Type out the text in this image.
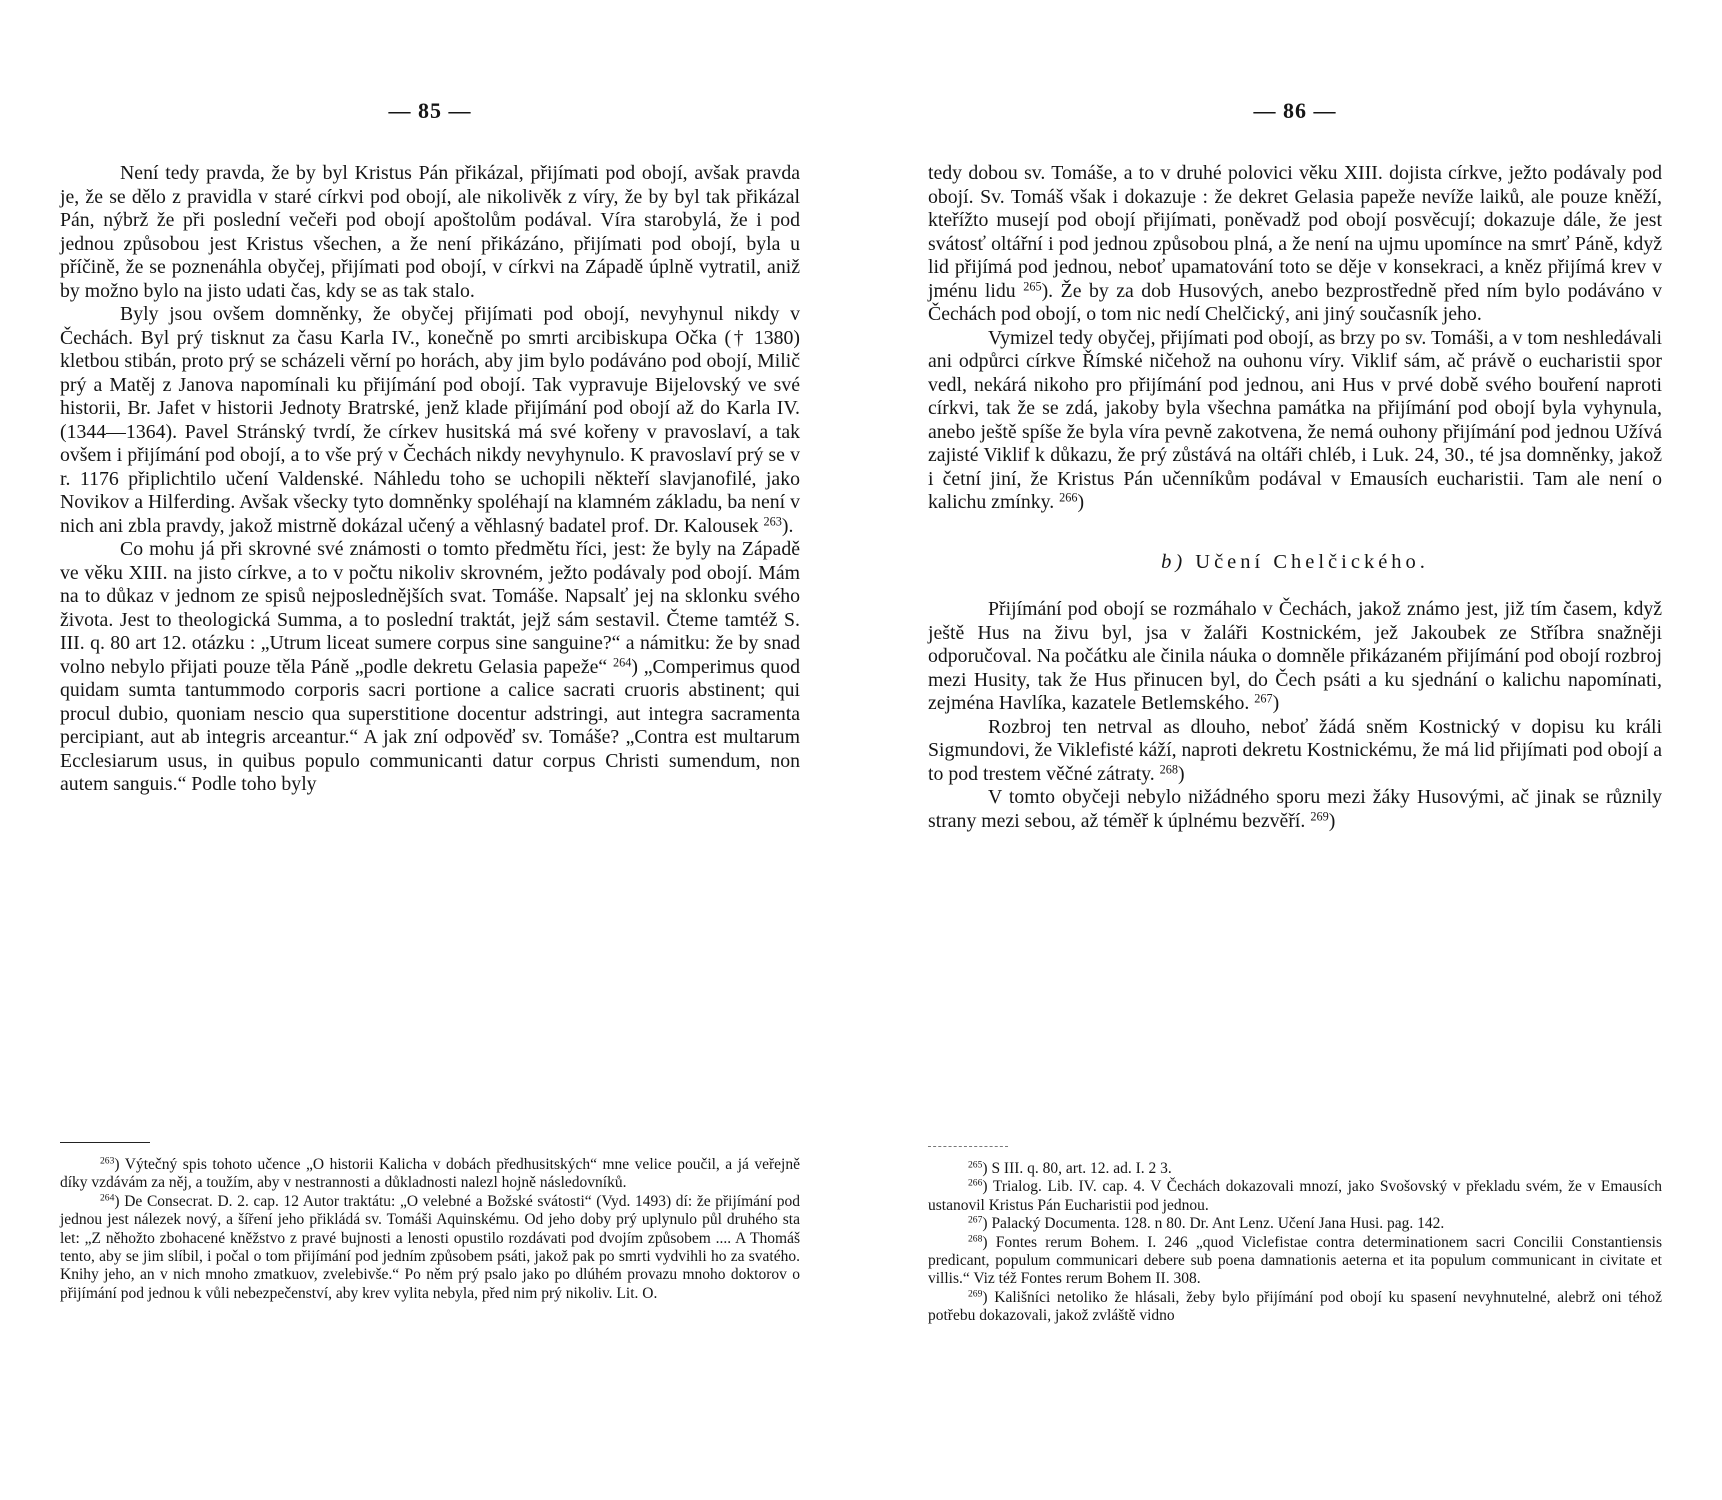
— 85 —

Není tedy pravda, že by byl Kristus Pán přikázal, přijímati pod obojí, avšak pravda je, že se dělo z pravidla v staré církvi pod obojí, ale nikolivěk z víry, že by byl tak přikázal Pán, nýbrž že při poslední večeři pod obojí apoštolům podával. Víra starobylá, že i pod jednou způsobou jest Kristus všechen, a že není přikázáno, přijímati pod obojí, byla u příčině, že se poznenáhla obyčej, přijímati pod obojí, v církvi na Západě úplně vytratil, aniž by možno bylo na jisto udati čas, kdy se as tak stalo.

Byly jsou ovšem domněnky, že obyčej přijímati pod obojí, nevyhynul nikdy v Čechách. Byl prý tisknut za času Karla IV., konečně po smrti arcibiskupa Očka († 1380) kletbou stibán, proto prý se scházeli věrní po horách, aby jim bylo podáváno pod obojí, Milič prý a Matěj z Janova napomínali ku přijímání pod obojí. Tak vypravuje Bijelovský ve své historii, Br. Jafet v historii Jednoty Bratrské, jenž klade přijímání pod obojí až do Karla IV. (1344—1364). Pavel Stránský tvrdí, že církev husitská má své kořeny v pravoslaví, a tak ovšem i přijímání pod obojí, a to vše prý v Čechách nikdy nevyhynulo. K pravoslaví prý se v r. 1176 připlichtilo učení Valdenské. Náhledu toho se uchopili někteří slavjanofilé, jako Novikov a Hilferding. Avšak všecky tyto domněnky spoléhají na klamném základu, ba není v nich ani zbla pravdy, jakož mistrně dokázal učený a věhlasný badatel prof. Dr. Kalousek $^{263}$).

Co mohu já při skrovné své známosti o tomto předmětu říci, jest: že byly na Západě ve věku XIII. na jisto církve, a to v počtu nikoliv skrovném, ježto podávaly pod obojí. Mám na to důkaz v jednom ze spisů nejposlednějších svat. Tomáše. Napsalť jej na sklonku svého života. Jest to theologická Summa, a to poslední traktát, jejž sám sestavil. Čteme tamtéž S. III. q. 80 art 12. otázku : „Utrum liceat sumere corpus sine sanguine?“ a námitku: že by snad volno nebylo přijati pouze těla Páně „podle dekretu Gelasia papeže“ $^{264}$) „Comperimus quod quidam sumta tantummodo corporis sacri portione a calice sacrati cruoris abstinent; qui procul dubio, quoniam nescio qua superstitione docentur adstringi, aut integra sacramenta percipiant, aut ab integris arceantur.“ A jak zní odpověď sv. Tomáše? „Contra est multarum Ecclesiarum usus, in quibus populo communicanti datur corpus Christi sumendum, non autem sanguis.“ Podle toho byly

$^{263}$) Výtečný spis tohoto učence „O historii Kalicha v dobách předhusitských“ mne velice poučil, a já veřejně díky vzdávám za něj, a toužím, aby v nestrannosti a důkladnosti nalezl hojně následovníků.

$^{264}$) De Consecrat. D. 2. cap. 12 Autor traktátu: „O velebné a Božské svátosti“ (Vyd. 1493) dí: že přijímání pod jednou jest nálezek nový, a šíření jeho přikládá sv. Tomáši Aquinskému. Od jeho doby prý uplynulo půl druhého sta let: „Z něhožto zbohacené kněžstvo z pravé bujnosti a lenosti opustilo rozdávati pod dvojím způsobem .... A Thomáš tento, aby se jim slíbil, i počal o tom přijímání pod jedním způsobem psáti, jakož pak po smrti vydvihli ho za svatého. Knihy jeho, an v nich mnoho zmatkuov, zvelebivše.“ Po něm prý psalo jako po dlúhém provazu mnoho doktorov o přijímání pod jednou k vůli nebezpečenství, aby krev vylita nebyla, před nim prý nikoliv. Lit. O.

— 86 —

tedy dobou sv. Tomáše, a to v druhé polovici věku XIII. dojista církve, ježto podávaly pod obojí. Sv. Tomáš však i dokazuje : že dekret Gelasia papeže nevíže laiků, ale pouze kněží, kteřížto musejí pod obojí přijímati, poněvadž pod obojí posvěcují; dokazuje dále, že jest svátosť oltářní i pod jednou způsobou plná, a že není na ujmu upomínce na smrť Páně, když lid přijímá pod jednou, neboť upamatování toto se děje v konsekraci, a kněz přijímá krev v jménu lidu $^{265}$). Že by za dob Husových, anebo bezprostředně před ním bylo podáváno v Čechách pod obojí, o tom nic nedí Chelčický, ani jiný současník jeho.

Vymizel tedy obyčej, přijímati pod obojí, as brzy po sv. Tomáši, a v tom neshledávali ani odpůrci církve Římské ničehož na ouhonu víry. Viklif sám, ač právě o eucharistii spor vedl, nekárá nikoho pro přijímání pod jednou, ani Hus v prvé době svého bouření naproti církvi, tak že se zdá, jakoby byla všechna památka na přijímání pod obojí byla vyhynula, anebo ještě spíše že byla víra pevně zakotvena, že nemá ouhony přijímání pod jednou Užívá zajisté Viklif k důkazu, že prý zůstává na oltáři chléb, i Luk. 24, 30., té jsa domněnky, jakož i četní jiní, že Kristus Pán učenníkům podával v Emausích eucharistii. Tam ale není o kalichu zmínky. $^{266}$)

b) Učení Chelčického.

Přijímání pod obojí se rozmáhalo v Čechách, jakož známo jest, již tím časem, když ještě Hus na živu byl, jsa v žaláři Kostnickém, jež Jakoubek ze Stříbra snažněji odporučoval. Na počátku ale činila náuka o domněle přikázaném přijímání pod obojí rozbroj mezi Husity, tak že Hus přinucen byl, do Čech psáti a ku sjednání o kalichu napomínati, zejména Havlíka, kazatele Betlemského. $^{267}$)

Rozbroj ten netrval as dlouho, neboť žádá sněm Kostnický v dopisu ku králi Sigmundovi, že Viklefisté káží, naproti dekretu Kostnickému, že má lid přijímati pod obojí a to pod trestem věčné zátraty. $^{268}$)

V tomto obyčeji nebylo nižádného sporu mezi žáky Husovými, ač jinak se různily strany mezi sebou, až téměř k úplnému bezvěří. $^{269}$)

$^{265}$) S III. q. 80, art. 12. ad. I. 2 3.

$^{266}$) Trialog. Lib. IV. cap. 4. V Čechách dokazovali mnozí, jako Svošovský v překladu svém, že v Emausích ustanovil Kristus Pán Eucharistii pod jednou.

$^{267}$) Palacký Documenta. 128. n 80. Dr. Ant Lenz. Učení Jana Husi. pag. 142.

$^{268}$) Fontes rerum Bohem. I. 246 „quod Viclefistae contra determinationem sacri Concilii Constantiensis predicant, populum communicari debere sub poena damnationis aeterna et ita populum communicant in civitate et villis.“ Viz též Fontes rerum Bohem II. 308.

$^{269}$) Kališníci netoliko že hlásali, žeby bylo přijímání pod obojí ku spasení nevyhnutelné, alebrž oni téhož potřebu dokazovali, jakož zvláště vidno
